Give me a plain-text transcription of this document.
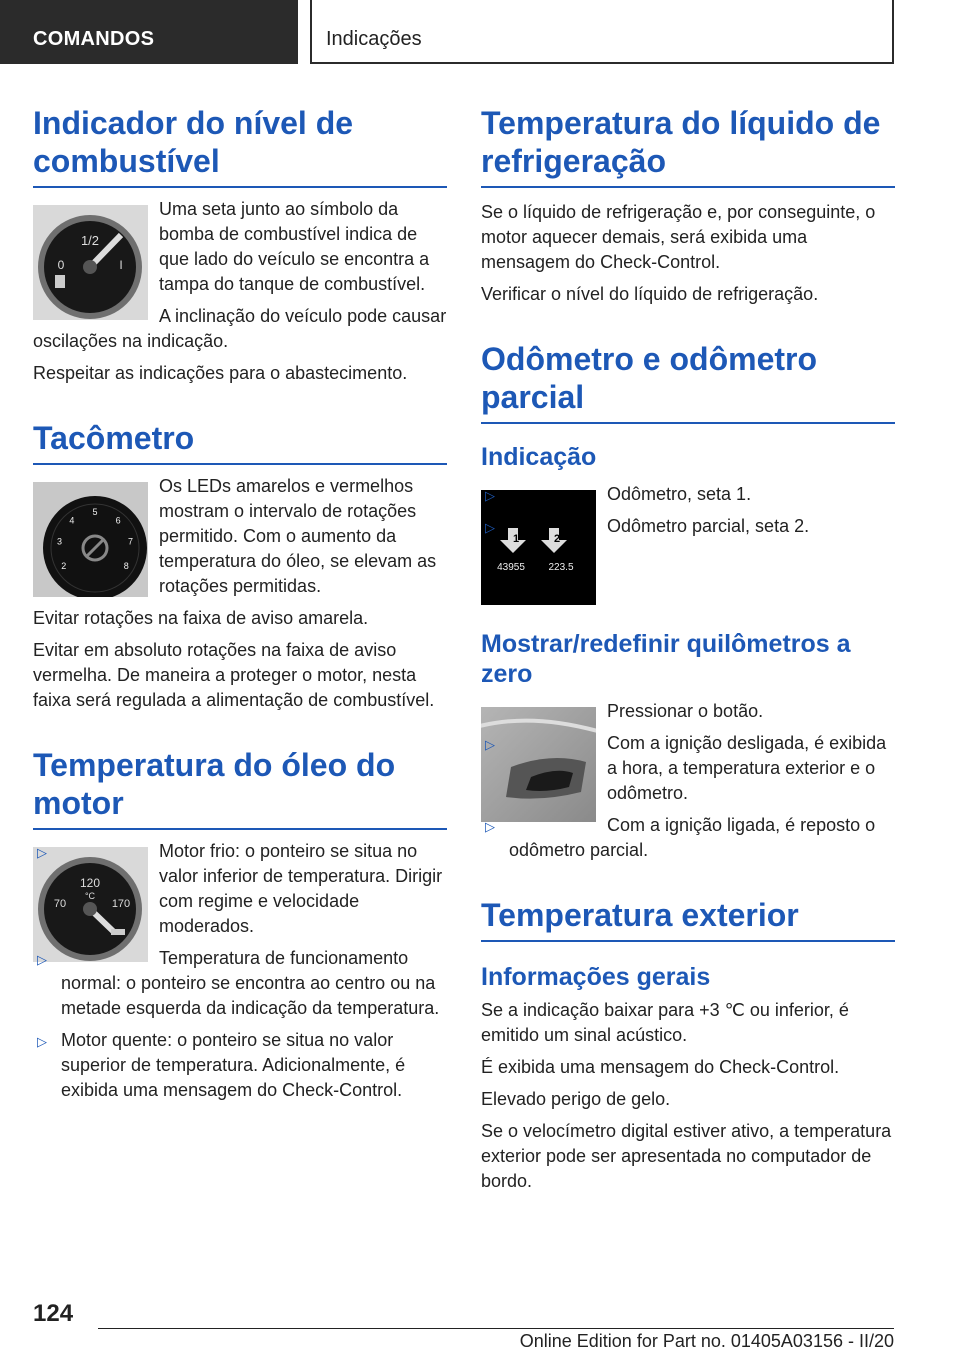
COMANDOS	Indicações
Indicador do nível de combustível
1/2
0	I

Uma seta junto ao símbolo da bomba de combustível indica de que lado do veículo se encontra a tampa do tanque de combustível.

A inclinação do veículo pode causar oscilações na indicação.

Respeitar as indicações para o abastecimento.

Tacômetro
2
3
4
5
6
7
8

Os LEDs amarelos e vermelhos mostram o intervalo de rotações permitido. Com o aumento da temperatura do óleo, se elevam as rotações permitidas.

Evitar rotações na faixa de aviso amarela.

Evitar em absoluto rotações na faixa de aviso vermelha. De maneira a proteger o motor, nesta faixa será regulada a alimentação de combustível.

Temperatura do óleo do motor
120
°C
70	170
▷	Motor frio: o ponteiro se situa no valor inferior de temperatura. Dirigir com regime e velocidade moderados.
▷	Temperatura de funcionamento normal: o ponteiro se encontra ao centro ou na metade esquerda da indicação da temperatura.
▷ Motor quente: o ponteiro se situa no valor superior de temperatura. Adicionalmente, é exibida uma mensagem do Check-Control.
Temperatura do líquido de refrigeração

Se o líquido de refrigeração e, por conseguinte, o motor aquecer demais, será exibida uma mensagem do Check-Control.

Verificar o nível do líquido de refrigeração.

Odômetro e odômetro parcial
Indicação
1	2
43955 223.5
▷	Odômetro, seta 1.
▷	Odômetro parcial, seta 2.
Mostrar/redefinir quilômetros a zero

Pressionar o botão.

▷	Com a ignição desligada, é exibida a hora, a temperatura exterior e o odômetro.
▷	Com a ignição ligada, é reposto o odômetro parcial.
Temperatura exterior
Informações gerais

Se a indicação baixar para +3 ℃ ou inferior, é emitido um sinal acústico.

É exibida uma mensagem do Check-Control.

Elevado perigo de gelo.

Se o velocímetro digital estiver ativo, a temperatura exterior pode ser apresentada no computador de bordo.

124
Online Edition for Part no. 01405A03156 - II/20
